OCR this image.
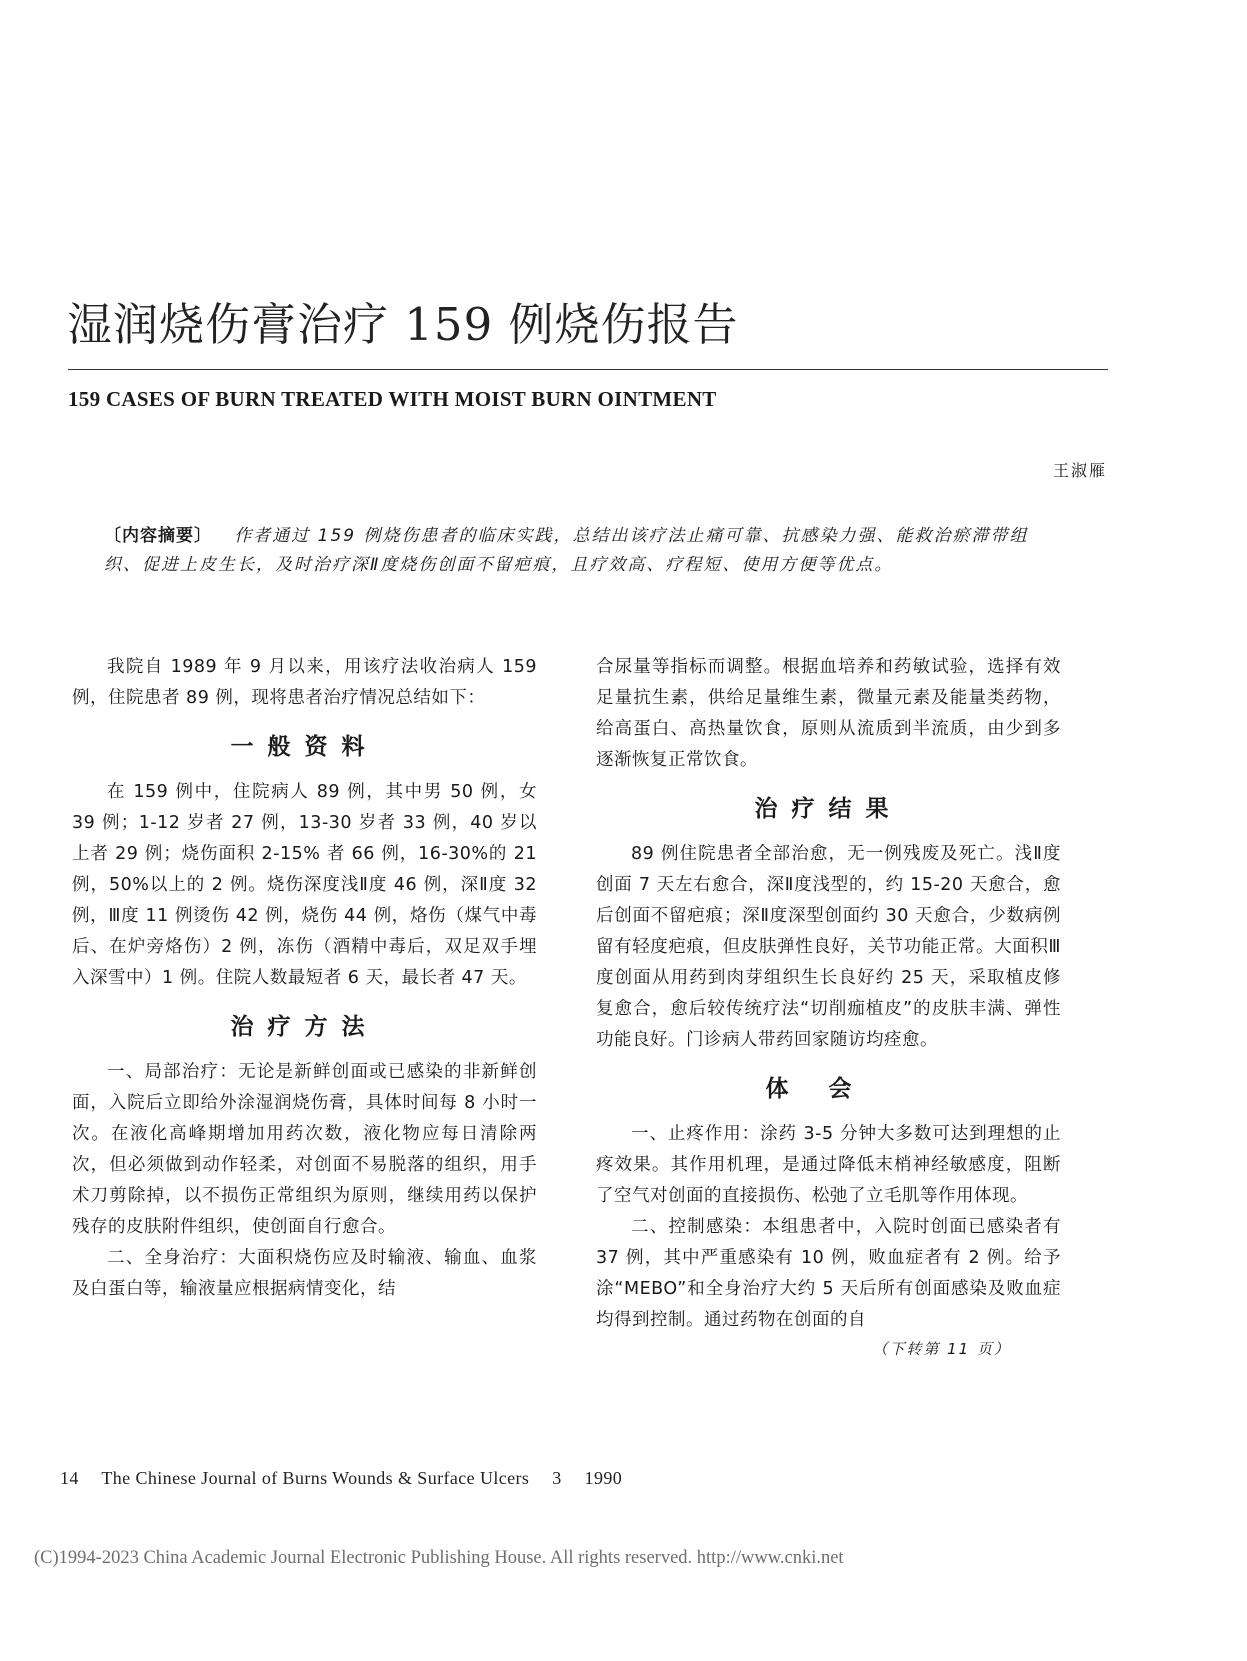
湿润烧伤膏治疗 159 例烧伤报告
159 CASES OF BURN TREATED WITH MOIST BURN OINTMENT
王淑雁
〔内容摘要〕 作者通过 159 例烧伤患者的临床实践，总结出该疗法止痛可靠、抗感染力强、能救治瘀滞带组织、促进上皮生长，及时治疗深Ⅱ度烧伤创面不留疤痕，且疗效高、疗程短、使用方便等优点。

我院自 1989 年 9 月以来，用该疗法收治病人 159 例，住院患者 89 例，现将患者治疗情况总结如下：

一般资料

在 159 例中，住院病人 89 例，其中男 50 例，女 39 例；1-12 岁者 27 例，13-30 岁者 33 例，40 岁以上者 29 例；烧伤面积 2-15% 者 66 例，16-30%的 21 例，50%以上的 2 例。烧伤深度浅Ⅱ度 46 例，深Ⅱ度 32 例，Ⅲ度 11 例烫伤 42 例，烧伤 44 例，烙伤（煤气中毒后、在炉旁烙伤）2 例，冻伤（酒精中毒后，双足双手埋入深雪中）1 例。住院人数最短者 6 天，最长者 47 天。

治疗方法

一、局部治疗：无论是新鲜创面或已感染的非新鲜创面，入院后立即给外涂湿润烧伤膏，具体时间每 8 小时一次。在液化高峰期增加用药次数，液化物应每日清除两次，但必须做到动作轻柔，对创面不易脱落的组织，用手术刀剪除掉，以不损伤正常组织为原则，继续用药以保护残存的皮肤附件组织，使创面自行愈合。

二、全身治疗：大面积烧伤应及时输液、输血、血浆及白蛋白等，输液量应根据病情变化，结

合尿量等指标而调整。根据血培养和药敏试验，选择有效足量抗生素，供给足量维生素，微量元素及能量类药物，给高蛋白、高热量饮食，原则从流质到半流质，由少到多逐渐恢复正常饮食。

治疗结果

89 例住院患者全部治愈，无一例残废及死亡。浅Ⅱ度创面 7 天左右愈合，深Ⅱ度浅型的，约 15-20 天愈合，愈后创面不留疤痕；深Ⅱ度深型创面约 30 天愈合，少数病例留有轻度疤痕，但皮肤弹性良好，关节功能正常。大面积Ⅲ度创面从用药到肉芽组织生长良好约 25 天，采取植皮修复愈合，愈后较传统疗法“切削痂植皮”的皮肤丰满、弹性功能良好。门诊病人带药回家随访均痊愈。

体会

一、止疼作用：涂药 3-5 分钟大多数可达到理想的止疼效果。其作用机理，是通过降低末梢神经敏感度，阻断了空气对创面的直接损伤、松弛了立毛肌等作用体现。

二、控制感染：本组患者中，入院时创面已感染者有 37 例，其中严重感染有 10 例，败血症者有 2 例。给予涂“MEBO”和全身治疗大约 5 天后所有创面感染及败血症均得到控制。通过药物在创面的自

（下转第 11 页）
14 The Chinese Journal of Burns Wounds & Surface Ulcers 3 1990
(C)1994-2023 China Academic Journal Electronic Publishing House. All rights reserved. http://www.cnki.net
